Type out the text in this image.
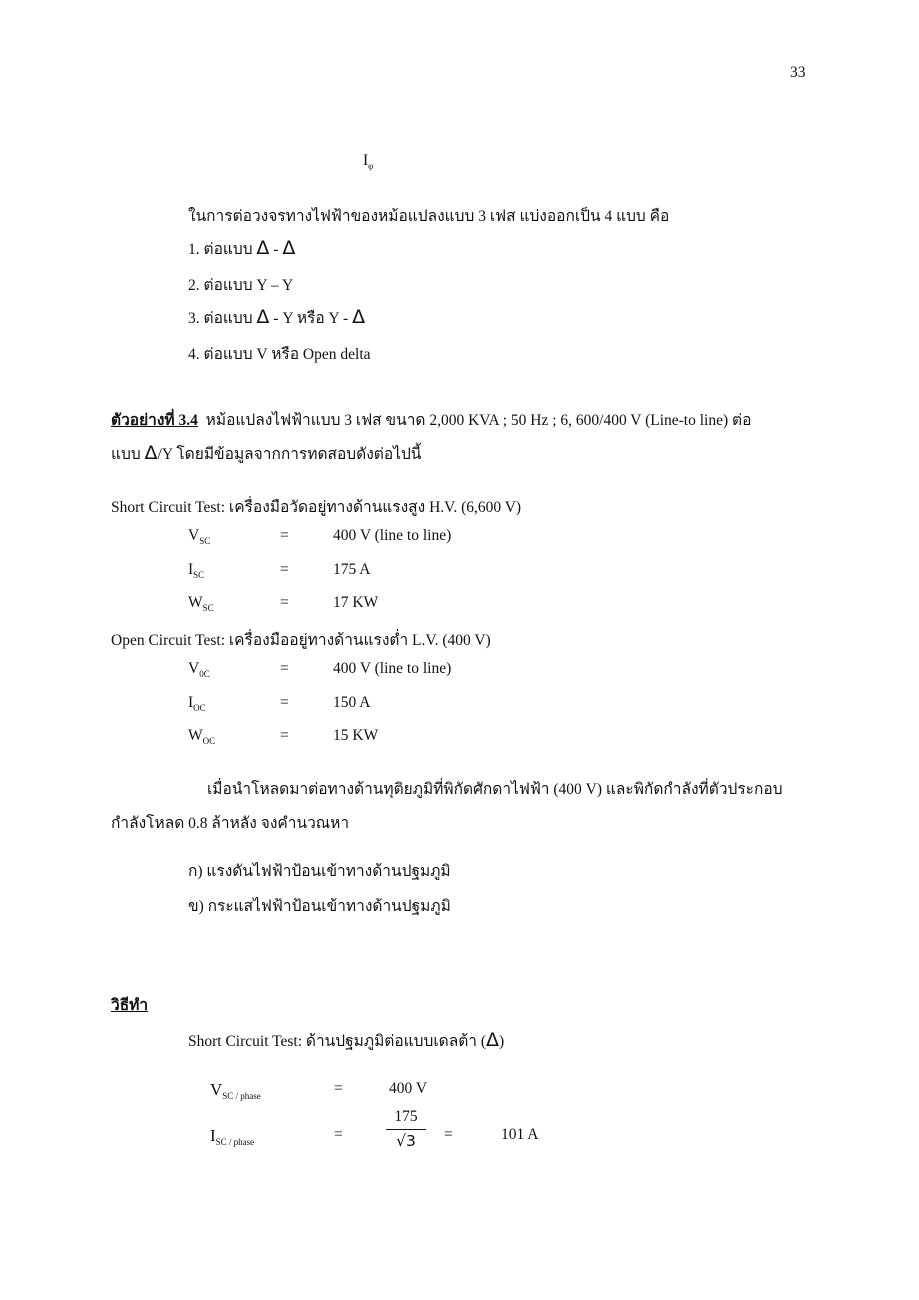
33
$I_\varphi$
ในการต่อวงจรทางไฟฟ้าของหม้อแปลงแบบ 3 เฟส แบ่งออกเป็น 4 แบบ คือ
1. ต่อแบบ Δ - Δ
2. ต่อแบบ Y – Y
3. ต่อแบบ Δ - Y หรือ Y - Δ
4. ต่อแบบ V หรือ Open delta
ตัวอย่างที่ 3.4 หม้อแปลงไฟฟ้าแบบ 3 เฟส ขนาด 2,000 KVA ; 50 Hz ; 6, 600/400 V (Line-to line) ต่อ
แบบ Δ/Y โดยมีข้อมูลจากการทดสอบดังต่อไปนี้
Short Circuit Test: เครื่องมือวัดอยู่ทางด้านแรงสูง H.V. (6,600 V)
$V_{SC}$	=	400 V (line to line)
$I_{SC}$	=	175 A
$W_{SC}$	=	17 KW
Open Circuit Test: เครื่องมืออยู่ทางด้านแรงต่ำ L.V. (400 V)
$V_{0C}$	=	400 V (line to line)
$I_{OC}$	=	150 A
$W_{OC}$	=	15 KW
เมื่อนำโหลดมาต่อทางด้านทุติยภูมิที่พิกัดศักดาไฟฟ้า (400 V) และพิกัดกำลังที่ตัวประกอบ
กำลังโหลด 0.8 ล้าหลัง จงคำนวณหา
ก) แรงดันไฟฟ้าป้อนเข้าทางด้านปฐมภูมิ
ข) กระแสไฟฟ้าป้อนเข้าทางด้านปฐมภูมิ
วิธีทำ
Short Circuit Test: ด้านปฐมภูมิต่อแบบเดลต้า (Δ)
$V_{SC / phase}$	=	400 V
$I_{SC / phase}$	=	$\frac{175}{√3}$ =	101 A
